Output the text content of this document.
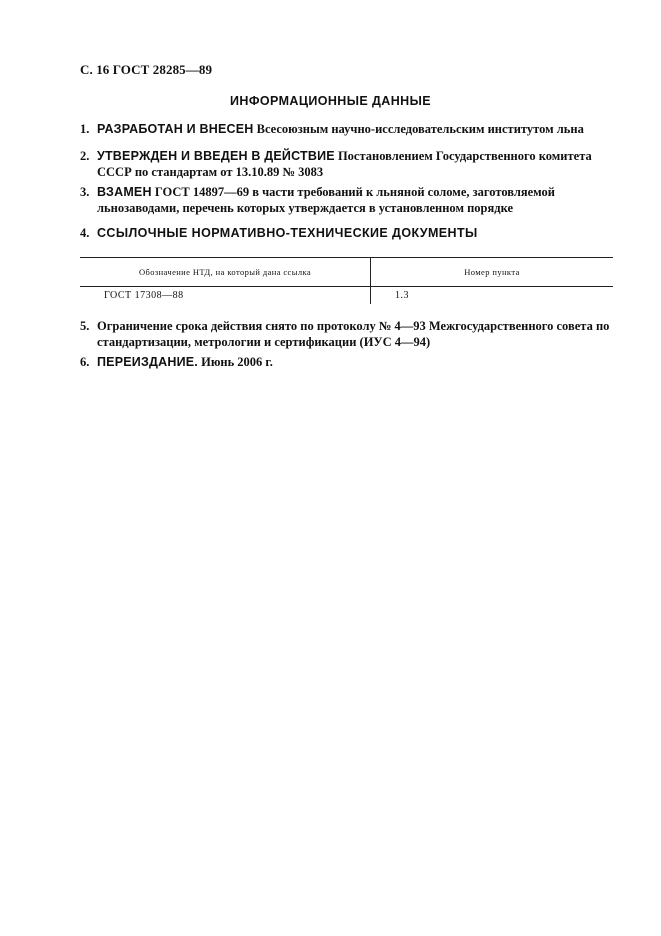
С. 16 ГОСТ 28285—89
ИНФОРМАЦИОННЫЕ ДАННЫЕ
1. РАЗРАБОТАН И ВНЕСЕН Всесоюзным научно-исследовательским институтом льна
2. УТВЕРЖДЕН И ВВЕДЕН В ДЕЙСТВИЕ Постановлением Государственного комитета СССР по стандартам от 13.10.89 № 3083
3. ВЗАМЕН ГОСТ 14897—69 в части требований к льняной соломе, заготовляемой льнозаводами, перечень которых утверждается в установленном порядке
4. ССЫЛОЧНЫЕ НОРМАТИВНО-ТЕХНИЧЕСКИЕ ДОКУМЕНТЫ
Обозначение НТД, на который дана ссылка	Номер пункта
ГОСТ 17308—88	1.3
5. Ограничение срока действия снято по протоколу № 4—93 Межгосударственного совета по стандартизации, метрологии и сертификации (ИУС 4—94)
6. ПЕРЕИЗДАНИЕ. Июнь 2006 г.
